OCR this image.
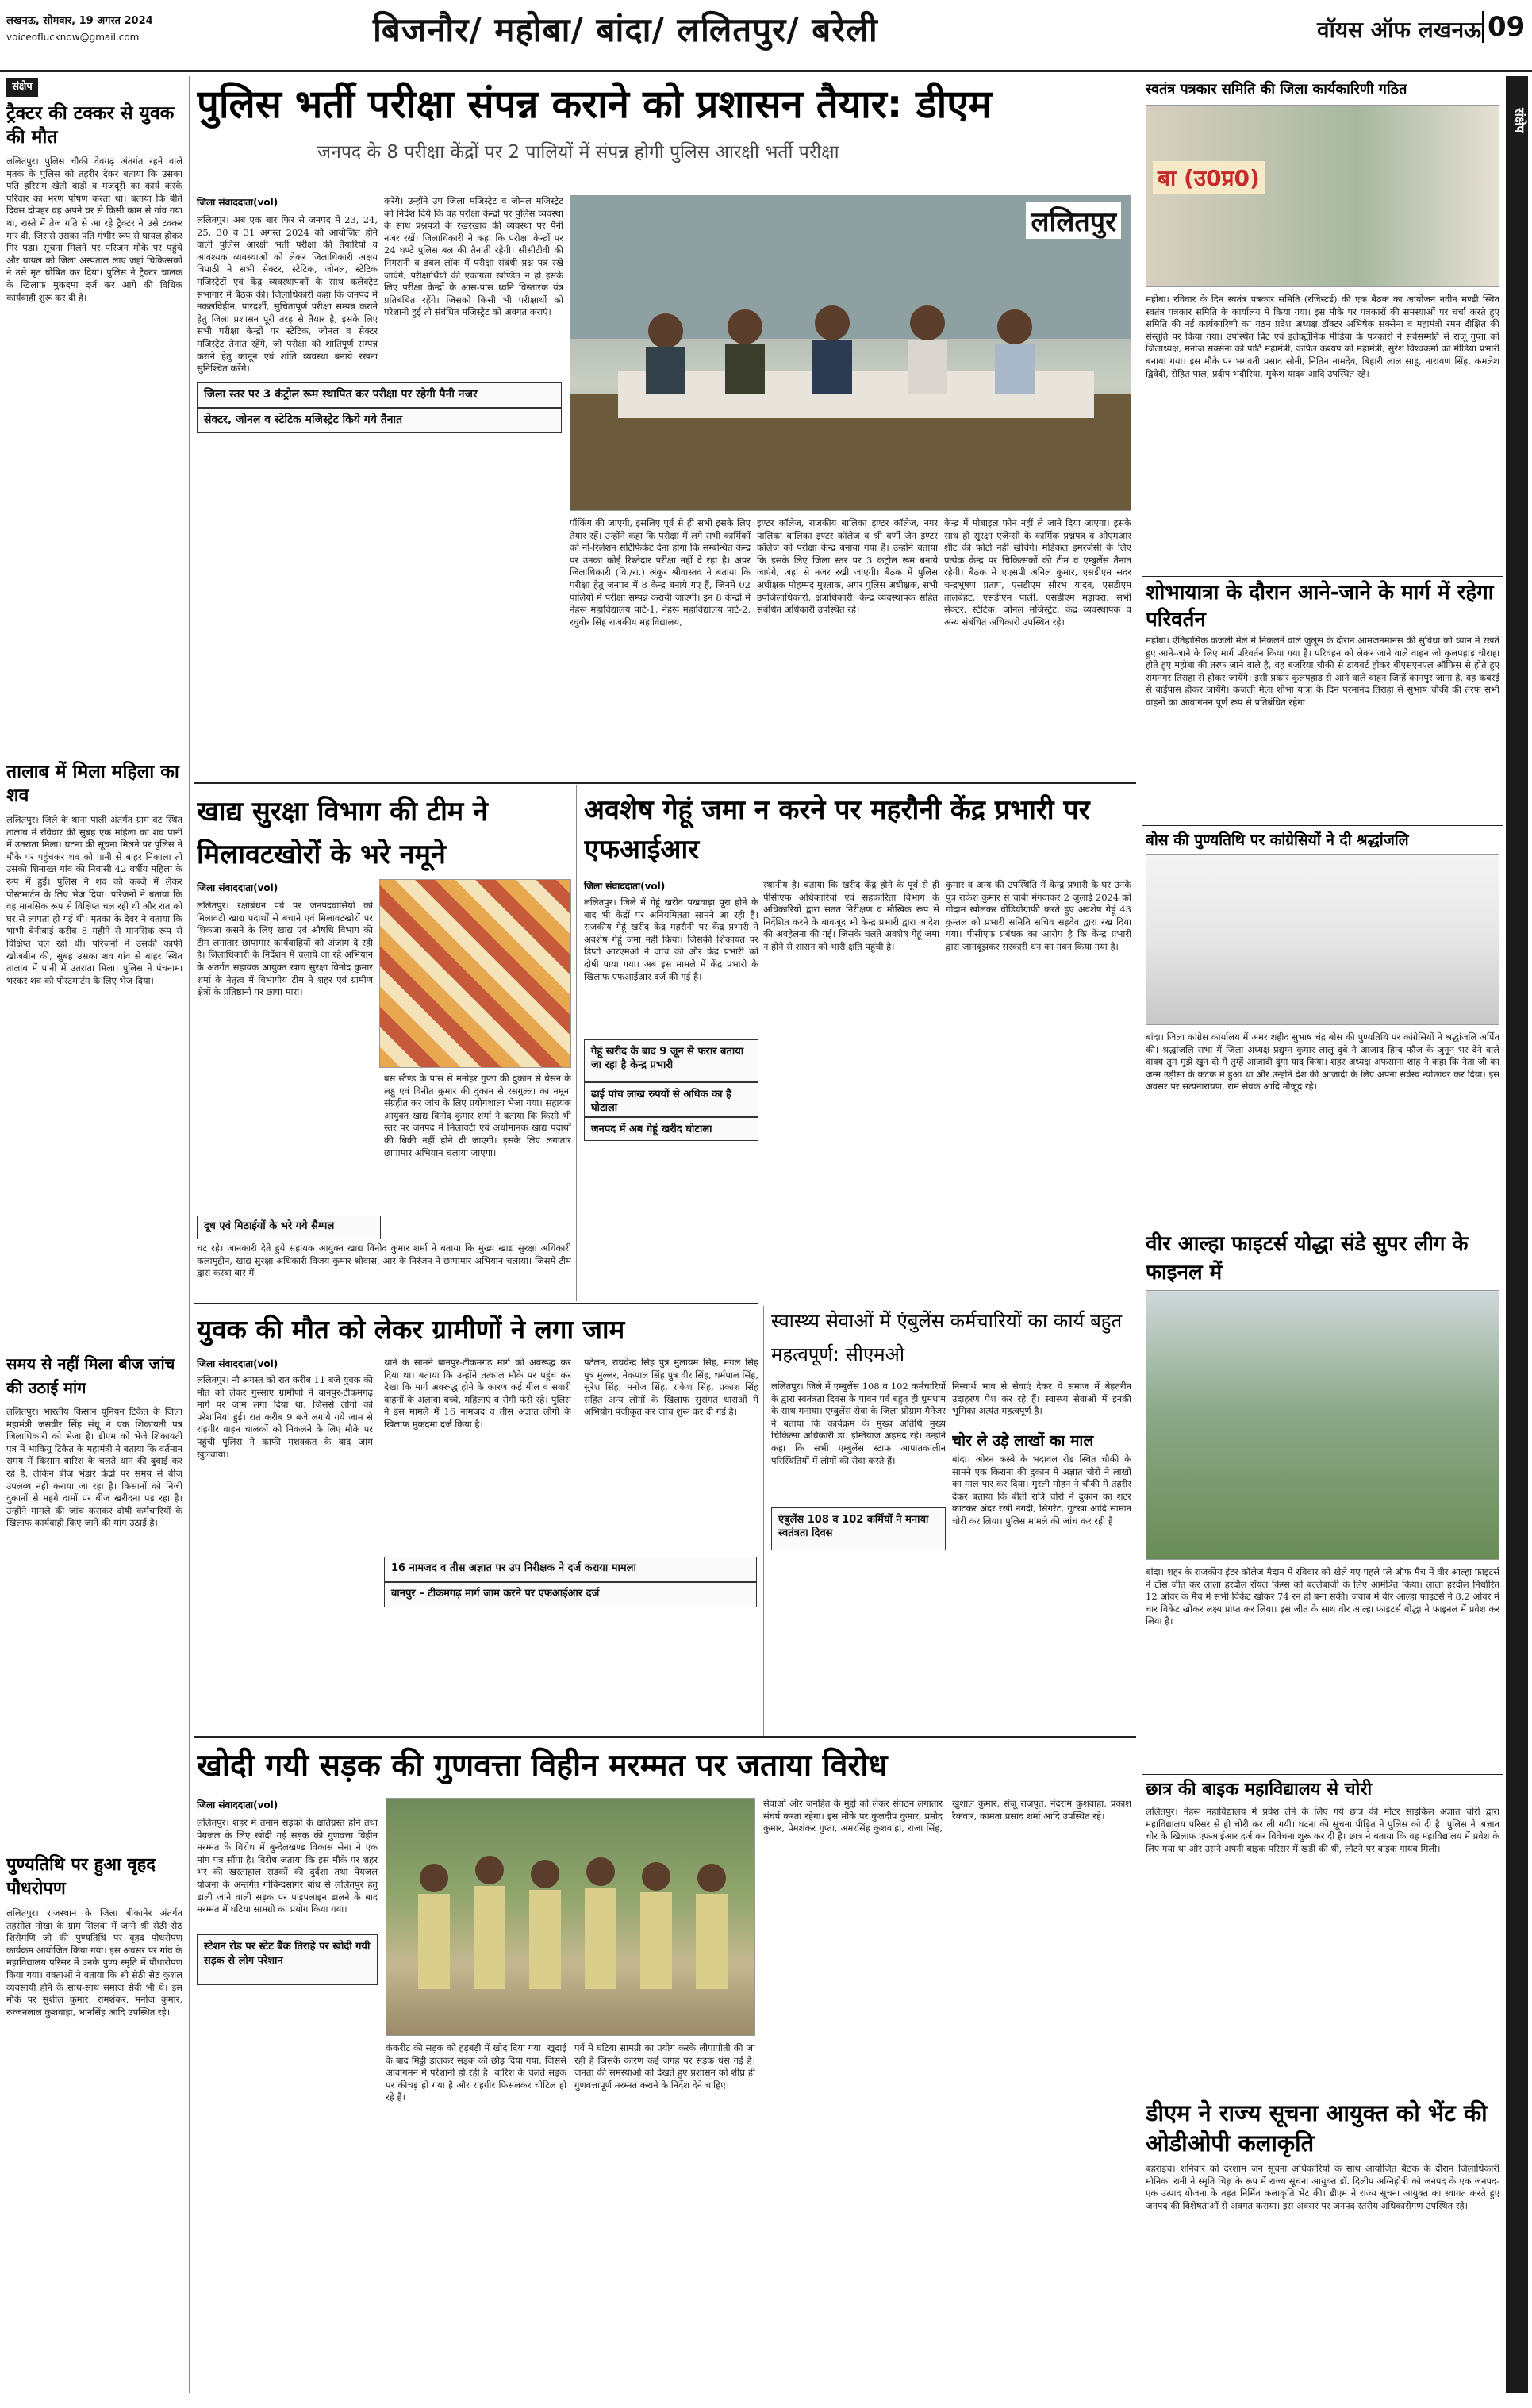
लखनऊ, सोमवार, 19 अगस्त 2024
voiceoflucknow@gmail.com	बिजनौर/ महोबा/ बांदा/ ललितपुर/ बरेली	वॉयस ऑफ लखनऊ 09
संक्षेप
संक्षेप
ट्रैक्टर की टक्कर से युवक की मौत
ललितपुर। पुलिस चौकी देवगढ़ अंतर्गत रहने वाले मृतक के पुलिस को तहरीर देकर बताया कि उसका पति हरिराम खेती बाड़ी व मजदूरी का कार्य करके परिवार का भरण पोषण करता था। बताया कि बीते दिवस दोपहर वह अपने घर से किसी काम से गांव गया था, रास्ते में तेज गति से आ रहे ट्रैक्टर ने उसे टक्कर मार दी, जिससे उसका पति गंभीर रूप से घायल होकर गिर पड़ा। सूचना मिलने पर परिजन मौके पर पहुंचे और घायल को जिला अस्पताल लाए जहां चिकित्सकों ने उसे मृत घोषित कर दिया। पुलिस ने ट्रैक्टर चालक के खिलाफ मुकदमा दर्ज कर आगे की विधिक कार्यवाही शुरू कर दी है।
तालाब में मिला महिला का शव
ललितपुर। जिले के थाना पाली अंतर्गत ग्राम वट स्थित तालाब में रविवार की सुबह एक महिला का शव पानी में उतराता मिला। घटना की सूचना मिलने पर पुलिस ने मौके पर पहुंचकर शव को पानी से बाहर निकाला तो उसकी शिनाख्त गांव की निवासी 42 वर्षीय महिला के रूप में हुई। पुलिस ने शव को कब्जे में लेकर पोस्टमार्टम के लिए भेज दिया। परिजनों ने बताया कि वह मानसिक रूप से विक्षिप्त चल रही थी और रात को घर से लापता हो गई थी। मृतका के देवर ने बताया कि भाभी बेनीबाई करीब 8 महीने से मानसिक रूप से विक्षिप्त चल रही थीं। परिजनों ने उसकी काफी खोजबीन की, सुबह उसका शव गांव से बाहर स्थित तालाब में पानी में उतराता मिला। पुलिस ने पंचनामा भरकर शव को पोस्टमार्टम के लिए भेज दिया।
समय से नहीं मिला बीज जांच की उठाई मांग
ललितपुर। भारतीय किसान यूनियन टिकैत के जिला महामंत्री जसवीर सिंह संधू ने एक शिकायती पत्र जिलाधिकारी को भेजा है। डीएम को भेजे शिकायती पत्र में भाकियू टिकैत के महामंत्री ने बताया कि वर्तमान समय में किसान बारिश के चलते धान की बुवाई कर रहे हैं, लेकिन बीज भंडार केंद्रों पर समय से बीज उपलब्ध नहीं कराया जा रहा है। किसानों को निजी दुकानों से महंगे दामों पर बीज खरीदना पड़ रहा है। उन्होंने मामले की जांच कराकर दोषी कर्मचारियों के खिलाफ कार्यवाही किए जाने की मांग उठाई है।
पुण्यतिथि पर हुआ वृहद पौधरोपण
ललितपुर। राजस्थान के जिला बीकानेर अंतर्गत तहसील नोखा के ग्राम सिलवा में जन्मे श्री सेठी सेठ शिरोमणि जी की पुण्यतिथि पर वृहद पौधरोपण कार्यक्रम आयोजित किया गया। इस अवसर पर गांव के महाविद्यालय परिसर में उनके पुण्य स्मृति में पौधारोपण किया गया। वक्ताओं ने बताया कि श्री सेठी सेठ कुशल व्यवसायी होने के साथ-साथ समाज सेवी भी थे। इस मौके पर सुशील कुमार, रामशंकर, मनोज कुमार, रज्जनलाल कुशवाहा, भानसिंह आदि उपस्थित रहे।
पुलिस भर्ती परीक्षा संपन्न कराने को प्रशासन तैयार: डीएम
जनपद के 8 परीक्षा केंद्रों पर 2 पालियों में संपन्न होगी पुलिस आरक्षी भर्ती परीक्षा
जिला संवाददाता(vol)
ललितपुर। अब एक बार फिर से जनपद में 23, 24, 25, 30 व 31 अगस्त 2024 को आयोजित होने वाली पुलिस आरक्षी भर्ती परीक्षा की तैयारियों व आवश्यक व्यवस्थाओं को लेकर जिलाधिकारी अक्षय त्रिपाठी ने सभी सेक्टर, स्टेटिक, जोनल, स्टेटिक मजिस्ट्रेटों एवं केंद्र व्यवस्थापकों के साथ कलेक्ट्रेट सभागार में बैठक की। जिलाधिकारी कहा कि जनपद में नकलविहीन, पारदर्शी, सुचितापूर्ण परीक्षा सम्पन्न कराने हेतु जिला प्रशासन पूरी तरह से तैयार है, इसके लिए सभी परीक्षा केन्द्रों पर स्टेटिक, जोनल व सेक्टर मजिस्ट्रेट तैनात रहेंगे, जो परीक्षा को शांतिपूर्ण सम्पन्न कराने हेतु कानून एवं शांति व्यवस्था बनाये रखना सुनिश्चित करेंगे।
जिला स्तर पर 3 कंट्रोल रूम स्थापित कर परीक्षा पर रहेगी पैनी नजर
सेक्टर, जोनल व स्टेटिक मजिस्ट्रेट किये गये तैनात
करेंगे। उन्होंने उप जिला मजिस्ट्रेट व जोनल मजिस्ट्रेट को निर्देश दिये कि वह परीक्षा केन्द्रों पर पुलिस व्यवस्था के साथ प्रश्नपत्रों के रखरखाव की व्यवस्था पर पैनी नजर रखें। जिलाधिकारी ने कहा कि परीक्षा केन्द्रों पर 24 घण्टे पुलिस बल की तैनाती रहेगी। सीसीटीवी की निगरानी व डबल लॉक में परीक्षा संबंधी प्रश्न पत्र रखे जाएंगे, परीक्षार्थियों की एकाग्रता खण्डित न हो इसके लिए परीक्षा केन्द्रों के आस-पास ध्वनि विस्तारक यंत्र प्रतिबंधित रहेंगे। जिसको किसी भी परीक्षार्थी को परेशानी हुई तो संबंधित मजिस्ट्रेट को अवगत कराएं।
ललितपुर
पौंकिंग की जाएगी, इसलिए पूर्व से ही सभी इसके लिए तैयार रहें। उन्होंने कहा कि परीक्षा में लगे सभी कार्मिकों को नो-रिलेशन सर्टिफिकेट देना होगा कि सम्बन्धित केन्द्र पर उनका कोई रिश्तेदार परीक्षा नहीं दे रहा है। अपर जिलाधिकारी (वि./रा.) अंकुर श्रीवास्तव ने बताया कि परीक्षा हेतु जनपद में 8 केन्द्र बनाये गए हैं, जिनमें 02 पालियों में परीक्षा सम्पन्न करायी जाएगी। इन 8 केन्द्रों में नेहरू महाविद्यालय पार्ट-1, नेहरू महाविद्यालय पार्ट-2, रघुवीर सिंह राजकीय महाविद्यालय,
इण्टर कॉलेज, राजकीय बालिका इण्टर कॉलेज, नगर पालिका बालिका इण्टर कॉलेज व श्री वर्णी जैन इण्टर कॉलेज को परीक्षा केन्द्र बनाया गया है। उन्होंने बताया कि इसके लिए जिला स्तर पर 3 कंट्रोल रूम बनाये जाएंगे, जहां से नजर रखी जाएगी। बैठक में पुलिस अधीक्षक मोहम्मद मुश्ताक, अपर पुलिस अधीक्षक, सभी उपजिलाधिकारी, क्षेत्राधिकारी, केन्द्र व्यवस्थापक सहित संबंधित अधिकारी उपस्थित रहे।
केन्द्र में मोबाइल फोन नहीं ले जाने दिया जाएगा। इसके साथ ही सुरक्षा एजेन्सी के कार्मिक प्रश्नपत्र व ओएमआर शीट की फोटो नहीं खींचेंगे। मेडिकल इमरजेंसी के लिए प्रत्येक केन्द्र पर चिकित्सकों की टीम व एम्बुलेंस तैनात रहेगी। बैठक में एएसपी अनिल कुमार, एसडीएम सदर चन्द्रभूषण प्रताप, एसडीएम सौरभ यादव, एसडीएम तालबेहट, एसडीएम पाली, एसडीएम मड़ावरा, सभी सेक्टर, स्टेटिक, जोनल मजिस्ट्रेट, केंद्र व्यवस्थापक व अन्य संबंधित अधिकारी उपस्थित रहे।
खाद्य सुरक्षा विभाग की टीम ने मिलावटखोरों के भरे नमूने
जिला संवाददाता(vol)
ललितपुर। रक्षाबंधन पर्व पर जनपदवासियों को मिलावटी खाद्य पदार्थों से बचाने एवं मिलावटखोरों पर शिकंजा कसने के लिए खाद्य एवं औषधि विभाग की टीम लगातार छापामार कार्यवाहियों को अंजाम दे रही है। जिलाधिकारी के निर्देशन में चलाये जा रहे अभियान के अंतर्गत सहायक आयुक्त खाद्य सुरक्षा विनोद कुमार शर्मा के नेतृत्व में विभागीय टीम ने शहर एवं ग्रामीण क्षेत्रों के प्रतिष्ठानों पर छापा मारा।
बस स्टैण्ड के पास से मनोहर गुप्ता की दुकान से बेसन के लड्डू एवं विनीत कुमार की दुकान से रसगुल्ला का नमूना संग्रहीत कर जांच के लिए प्रयोगशाला भेजा गया। सहायक आयुक्त खाद्य विनोद कुमार शर्मा ने बताया कि किसी भी स्तर पर जनपद में मिलावटी एवं अधोमानक खाद्य पदार्थों की बिक्री नहीं होने दी जाएगी। इसके लिए लगातार छापामार अभियान चलाया जाएगा।
दूध एवं मिठाईयों के भरे गये सैम्पल
चट रहे। जानकारी देते हुये सहायक आयुक्त खाद्य विनोद कुमार शर्मा ने बताया कि मुख्य खाद्य सुरक्षा अधिकारी कलामुद्दीन, खाद्य सुरक्षा अधिकारी विजय कुमार श्रीवास, आर के निरंजन ने छापामार अभियान चलाया। जिसमें टीम द्वारा कस्बा बार में
अवशेष गेहूं जमा न करने पर महरौनी केंद्र प्रभारी पर एफआईआर
जिला संवाददाता(vol)
ललितपुर। जिले में गेहूं खरीद पखवाड़ा पूरा होने के बाद भी केंद्रों पर अनियमितता सामने आ रही है। राजकीय गेहूं खरीद केंद्र महरौनी पर केंद्र प्रभारी ने अवशेष गेहूं जमा नहीं किया। जिसकी शिकायत पर डिप्टी आरएमओ ने जांच की और केंद्र प्रभारी को दोषी पाया गया। अब इस मामले में केंद्र प्रभारी के खिलाफ एफआईआर दर्ज की गई है।
गेहूं खरीद के बाद 9 जून से फरार बताया जा रहा है केन्द्र प्रभारी
ढाई पांच लाख रुपयों से अधिक का है घोटाला
जनपद में अब गेहूं खरीद घोटाला
स्थानीय है। बताया कि खरीद केंद्र होने के पूर्व से ही पीसीएफ अधिकारियों एवं सहकारिता विभाग के अधिकारियों द्वारा सतत निरीक्षण व मौखिक रूप से निर्देशित करने के बावजूद भी केन्द्र प्रभारी द्वारा आदेश की अवहेलना की गई। जिसके चलते अवशेष गेहूं जमा न होने से शासन को भारी क्षति पहुंची है।
कुमार व अन्य की उपस्थिति में केन्द्र प्रभारी के घर उनके पुत्र राकेश कुमार से चाबी मंगवाकर 2 जुलाई 2024 को गोदाम खोलकर वीडियोग्राफी करते हुए अवशेष गेहूं 43 कुन्तल को प्रभारी समिति सचिव सहदेव द्वारा रख दिया गया। पीसीएफ प्रबंधक का आरोप है कि केन्द्र प्रभारी द्वारा जानबूझकर सरकारी धन का गबन किया गया है।
युवक की मौत को लेकर ग्रामीणों ने लगा जाम
जिला संवाददाता(vol)
ललितपुर। नौ अगस्त को रात करीब 11 बजे युवक की मौत को लेकर गुस्साए ग्रामीणों ने बानपुर-टीकमगढ़ मार्ग पर जाम लगा दिया था, जिससे लोगों को परेशानियां हुई। रात करीब 9 बजे लगाये गये जाम से राहगीर वाहन चालकों को निकलने के लिए मौके पर पहुंची पुलिस ने काफी मशक्कत के बाद जाम खुलवाया।
थाने के सामने बानपुर-टीकमगढ़ मार्ग को अवरूद्ध कर दिया था। बताया कि उन्होंने तत्काल मौके पर पहुंच कर देखा कि मार्ग अवरूद्ध होने के कारण कई मील व सवारी वाहनों के अलावा बच्चे, महिलाएं व रोगी फंसे रहे। पुलिस ने इस मामले में 16 नामजद व तीस अज्ञात लोगों के खिलाफ मुकदमा दर्ज किया है।
16 नामजद व तीस अज्ञात पर उप निरीक्षक ने दर्ज कराया मामला
बानपुर – टीकमगढ़ मार्ग जाम करने पर एफआईआर दर्ज
पटेलन, राघवेन्द्र सिंह पुत्र मुलायम सिंह, मंगल सिंह पुत्र मुल्लर, नेकपाल सिंह पुत्र वीर सिंह, धर्मपाल सिंह, सुरेश सिंह, मनोज सिंह, राकेश सिंह, प्रकाश सिंह सहित अन्य लोगों के खिलाफ सुसंगत धाराओं में अभियोग पंजीकृत कर जांच शुरू कर दी गई है।
स्वास्थ्य सेवाओं में एंबुलेंस कर्मचारियों का कार्य बहुत महत्वपूर्ण: सीएमओ
ललितपुर। जिले में एम्बुलेंस 108 व 102 कर्मचारियों के द्वारा स्वतंत्रता दिवस के पावन पर्व बहुत ही धूमधाम के साथ मनाया। एम्बुलेंस सेवा के जिला प्रोग्राम मैनेजर ने बताया कि कार्यक्रम के मुख्य अतिथि मुख्य चिकित्सा अधिकारी डा. इम्तियाज अहमद रहे। उन्होंने कहा कि सभी एम्बुलेंस स्टाफ आपातकालीन परिस्थितियों में लोगों की सेवा करते हैं।
एंबुलेंस 108 व 102 कर्मियों ने मनाया स्वतंत्रता दिवस
निस्वार्थ भाव से सेवाएं देकर ये समाज में बेहतरीन उदाहरण पेश कर रहे हैं। स्वास्थ्य सेवाओं में इनकी भूमिका अत्यंत महत्वपूर्ण है।
चोर ले उड़े लाखों का माल
बांदा। ओरन कस्बे के भदावल रोड स्थित चौकी के सामने एक किराना की दुकान में अज्ञात चोरों ने लाखों का माल पार कर दिया। मुरली मोहन ने चौकी में तहरीर देकर बताया कि बीती रात्रि चोरों ने दुकान का शटर काटकर अंदर रखी नगदी, सिगरेट, गुटखा आदि सामान चोरी कर लिया। पुलिस मामले की जांच कर रही है।
खोदी गयी सड़क की गुणवत्ता विहीन मरम्मत पर जताया विरोध
जिला संवाददाता(vol)
ललितपुर। शहर में तमाम सड़कों के क्षतिग्रस्त होने तथा पेयजल के लिए खोदी गई सड़क की गुणवत्ता विहीन मरम्मत के विरोध में बुन्देलखण्ड विकास सेना ने एक मांग पत्र सौंपा है। विरोध जताया कि इस मौके पर शहर भर की खस्ताहाल सड़कों की दुर्दशा तथा पेयजल योजना के अन्तर्गत गोविन्दसागर बांध से ललितपुर हेतु डाली जाने वाली सड़क पर पाइपलाइन डालने के बाद मरम्मत में घटिया सामग्री का प्रयोग किया गया।
स्टेशन रोड पर स्टेट बैंक तिराहे पर खोदी गयी सड़क से लोग परेशान
कंकरीट की सड़क को हड़बड़ी में खोद दिया गया। खुदाई के बाद मिट्टी डालकर सड़क को छोड़ दिया गया, जिससे आवागमन में परेशानी हो रही है। बारिश के चलते सड़क पर कीचड़ हो गया है और राहगीर फिसलकर चोटिल हो रहे हैं।
पर्व में घटिया सामग्री का प्रयोग करके लीपापोती की जा रही है जिसके कारण कई जगह पर सड़क धंस गई है। जनता की समस्याओं को देखते हुए प्रशासन को शीघ्र ही गुणवत्तापूर्ण मरम्मत कराने के निर्देश देने चाहिए।
सेवाओं और जनहित के मुद्दों को लेकर संगठन लगातार संघर्ष करता रहेगा। इस मौके पर कुलदीप कुमार, प्रमोद कुमार, प्रेमशंकर गुप्ता, अमरसिंह कुशवाहा, राजा सिंह, खुशाल कुमार, संजू राजपूत, नंदराम कुशवाहा, प्रकाश रैकवार, कामता प्रसाद शर्मा आदि उपस्थित रहे।
स्वतंत्र पत्रकार समिति की जिला कार्यकारिणी गठित
बा (उ0प्र0)
महोबा। रविवार के दिन स्वतंत्र पत्रकार समिति (रजिस्टर्ड) की एक बैठक का आयोजन नवीन मण्डी स्थित स्वतंत्र पत्रकार समिति के कार्यालय में किया गया। इस मौके पर पत्रकारों की समस्याओं पर चर्चा करते हुए समिति की नई कार्यकारिणी का गठन प्रदेश अध्यक्ष डॉक्टर अभिषेक सक्सेना व महामंत्री रमन दीक्षित की संस्तुति पर किया गया। उपस्थित प्रिंट एवं इलेक्ट्रॉनिक मीडिया के पत्रकारों ने सर्वसम्मति से राजू गुप्ता को जिलाध्यक्ष, मनोज सक्सेना को पार्टि महामंत्री, कपिल कश्यप को महामंत्री, सुरेश विश्वकर्मा को मीडिया प्रभारी बनाया गया। इस मौके पर भगवती प्रसाद सोनी, नितिन नामदेव, बिहारी लाल साहू, नारायण सिंह, कमलेश द्विवेदी, रोहित पाल, प्रदीप भदौरिया, मुकेश यादव आदि उपस्थित रहे।
शोभायात्रा के दौरान आने-जाने के मार्ग में रहेगा परिवर्तन
महोबा। ऐतिहासिक कजली मेले में निकलने वाले जुलूस के दौरान आमजनमानस की सुविधा को ध्यान में रखते हुए आने-जाने के लिए मार्ग परिवर्तन किया गया है। परिवहन को लेकर जाने वाले वाहन जो कुलपहाड़ चौराहा होते हुए महोबा की तरफ जाने वाले है, वह बजरिया चौकी से डायवर्ट होकर बीएसएनएल ऑफिस से होते हुए रामनगर तिराहा से होकर जायेंगे। इसी प्रकार कुलपहाड़ से आने वाले वाहन जिन्हें कानपुर जाना है, वह कबरई से बाईपास होकर जायेंगे। कजली मेला शोभा यात्रा के दिन परमानंद तिराहा से सुभाष चौकी की तरफ सभी वाहनों का आवागमन पूर्ण रूप से प्रतिबंधित रहेगा।
बोस की पुण्यतिथि पर कांग्रेसियों ने दी श्रद्धांजलि
बांदा। जिला कांग्रेस कार्यालय में अमर शहीद सुभाष चंद्र बोस की पुण्यतिथि पर कांग्रेसियों ने श्रद्धांजलि अर्पित की। श्रद्धांजलि सभा में जिला अध्यक्ष प्रद्युम्न कुमार लालू दुबे ने आजाद हिन्द फौज के जुनून भर देने वाले वाक्य तुम मुझे खून दो मैं तुम्हें आजादी दूंगा याद किया। शहर अध्यक्ष अफसाना शाह ने कहा कि नेता जी का जन्म उड़ीसा के कटक में हुआ था और उन्होंने देश की आजादी के लिए अपना सर्वस्व न्योछावर कर दिया। इस अवसर पर सत्यनारायण, राम सेवक आदि मौजूद रहे।
वीर आल्हा फाइटर्स योद्धा संडे सुपर लीग के फाइनल में
बांदा। शहर के राजकीय इंटर कॉलेज मैदान में रविवार को खेले गए पहले प्ले ऑफ मैच में वीर आल्हा फाइटर्स ने टॉस जीत कर लाला हरदौल रॉयल किंग्स को बल्लेबाजी के लिए आमंत्रित किया। लाला हरदौल निर्धारित 12 ओवर के मैच में सभी विकेट खोकर 74 रन ही बना सकी। जवाब में वीर आल्हा फाइटर्स ने 8.2 ओवर में चार विकेट खोकर लक्ष्य प्राप्त कर लिया। इस जीत के साथ वीर आल्हा फाइटर्स योद्धा ने फाइनल में प्रवेश कर लिया है।
छात्र की बाइक महाविद्यालय से चोरी
ललितपुर। नेहरू महाविद्यालय में प्रवेश लेने के लिए गये छात्र की मोटर साइकिल अज्ञात चोरों द्वारा महाविद्यालय परिसर से ही चोरी कर ली गयी। घटना की सूचना पीड़ित ने पुलिस को दी है। पुलिस ने अज्ञात चोर के खिलाफ एफआईआर दर्ज कर विवेचना शुरू कर दी है। छात्र ने बताया कि वह महाविद्यालय में प्रवेश के लिए गया था और उसने अपनी बाइक परिसर में खड़ी की थी, लौटने पर बाइक गायब मिली।
डीएम ने राज्य सूचना आयुक्त को भेंट की ओडीओपी कलाकृति
बहराइच। शनिवार को देरशाम जन सूचना अधिकारियों के साथ आयोजित बैठक के दौरान जिलाधिकारी मोनिका रानी ने स्मृति चिह्न के रूप में राज्य सूचना आयुक्त डॉ. दिलीप अग्निहोत्री को जनपद के एक जनपद-एक उत्पाद योजना के तहत निर्मित कलाकृति भेंट की। डीएम ने राज्य सूचना आयुक्त का स्वागत करते हुए जनपद की विशेषताओं से अवगत कराया। इस अवसर पर जनपद स्तरीय अधिकारीगण उपस्थित रहे।
